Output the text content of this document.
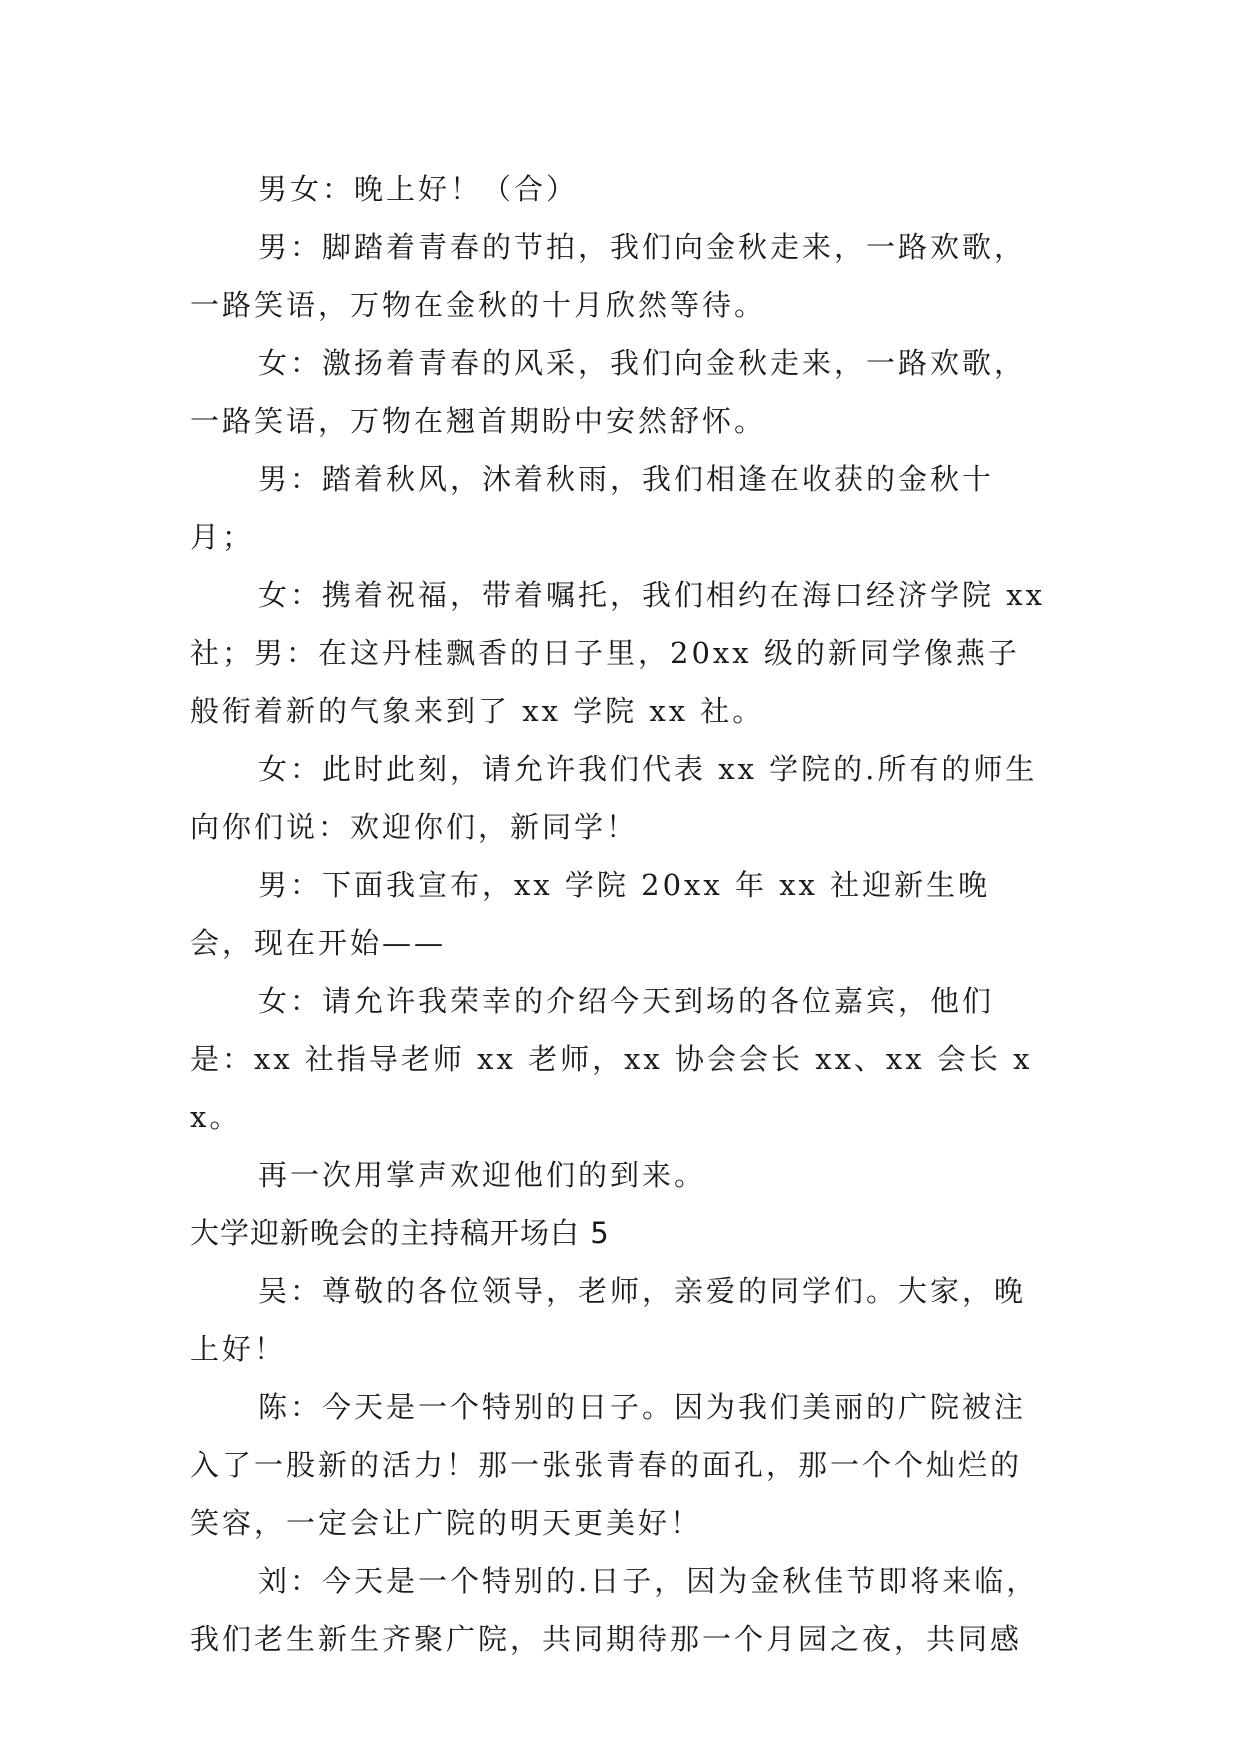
男女：晚上好！（合）

男：脚踏着青春的节拍，我们向金秋走来，一路欢歌，一路笑语，万物在金秋的十月欣然等待。

女：激扬着青春的风采，我们向金秋走来，一路欢歌，一路笑语，万物在翘首期盼中安然舒怀。

男：踏着秋风，沐着秋雨，我们相逢在收获的金秋十月；

女：携着祝福，带着嘱托，我们相约在海口经济学院 xx 社；男：在这丹桂飘香的日子里，20xx 级的新同学像燕子般衔着新的气象来到了 xx 学院 xx 社。

女：此时此刻，请允许我们代表 xx 学院的.所有的师生向你们说：欢迎你们，新同学！

男：下面我宣布，xx 学院 20xx 年 xx 社迎新生晚会，现在开始——

女：请允许我荣幸的介绍今天到场的各位嘉宾，他们是：xx 社指导老师 xx 老师，xx 协会会长 xx、xx 会长 xx。

再一次用掌声欢迎他们的到来。

大学迎新晚会的主持稿开场白 5

吴：尊敬的各位领导，老师，亲爱的同学们。大家，晚上好！

陈：今天是一个特别的日子。因为我们美丽的广院被注入了一股新的活力！那一张张青春的面孔，那一个个灿烂的笑容，一定会让广院的明天更美好！

刘：今天是一个特别的.日子，因为金秋佳节即将来临，我们老生新生齐聚广院，共同期待那一个月园之夜，共同感
